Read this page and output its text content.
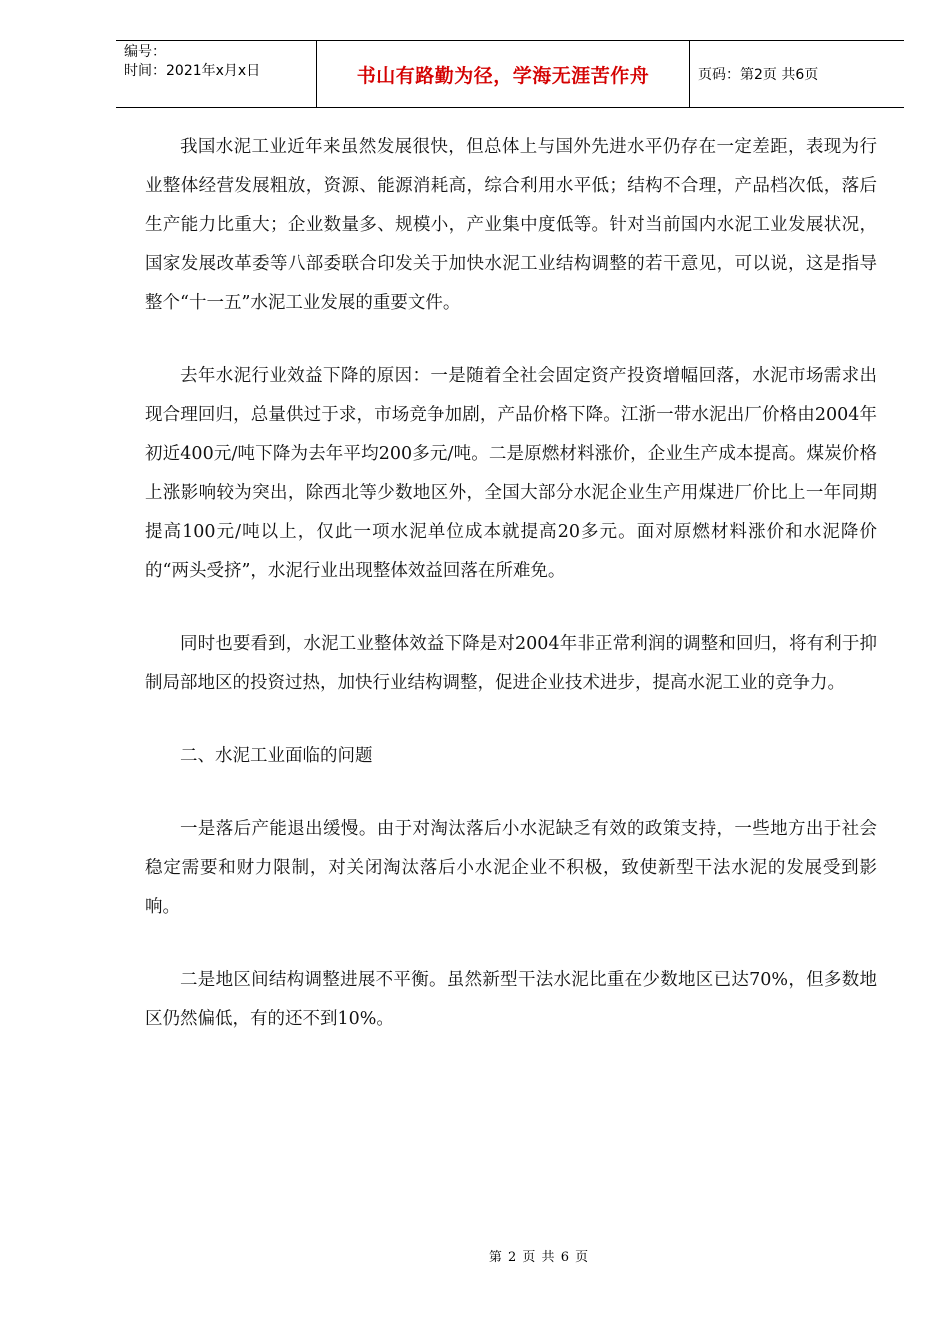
编号：
时间：2021年x月x日	书山有路勤为径，学海无涯苦作舟	页码：第2页 共6页

我国水泥工业近年来虽然发展很快，但总体上与国外先进水平仍存在一定差距，表现为行业整体经营发展粗放，资源、能源消耗高，综合利用水平低；结构不合理，产品档次低，落后生产能力比重大；企业数量多、规模小，产业集中度低等。针对当前国内水泥工业发展状况，国家发展改革委等八部委联合印发关于加快水泥工业结构调整的若干意见，可以说，这是指导整个“十一五”水泥工业发展的重要文件。

去年水泥行业效益下降的原因：一是随着全社会固定资产投资增幅回落，水泥市场需求出现合理回归，总量供过于求，市场竞争加剧，产品价格下降。江浙一带水泥出厂价格由2004年初近400元/吨下降为去年平均200多元/吨。二是原燃材料涨价，企业生产成本提高。煤炭价格上涨影响较为突出，除西北等少数地区外，全国大部分水泥企业生产用煤进厂价比上一年同期提高100元/吨以上，仅此一项水泥单位成本就提高20多元。面对原燃材料涨价和水泥降价的“两头受挤”，水泥行业出现整体效益回落在所难免。

同时也要看到，水泥工业整体效益下降是对2004年非正常利润的调整和回归，将有利于抑制局部地区的投资过热，加快行业结构调整，促进企业技术进步，提高水泥工业的竞争力。

二、水泥工业面临的问题

一是落后产能退出缓慢。由于对淘汰落后小水泥缺乏有效的政策支持，一些地方出于社会稳定需要和财力限制，对关闭淘汰落后小水泥企业不积极，致使新型干法水泥的发展受到影响。

二是地区间结构调整进展不平衡。虽然新型干法水泥比重在少数地区已达70%，但多数地区仍然偏低，有的还不到10%。

第 2 页 共 6 页
